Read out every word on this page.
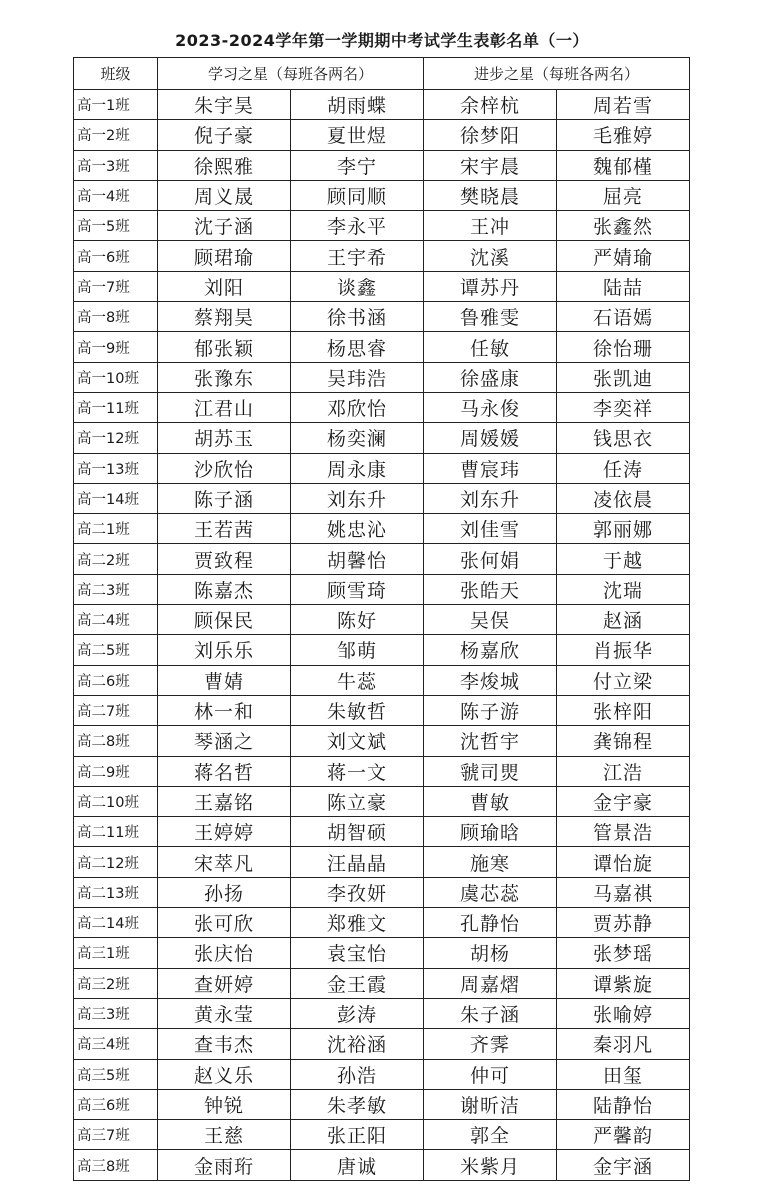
2023-2024学年第一学期期中考试学生表彰名单（一）
班级	学习之星（每班各两名）		进步之星（每班各两名）	
高一1班	朱宇昊	胡雨蝶	余梓杭	周若雪
高一2班	倪子豪	夏世煜	徐梦阳	毛雅婷
高一3班	徐熙雅	李宁	宋宇晨	魏郁槿
高一4班	周义晟	顾同顺	樊晓晨	屈亮
高一5班	沈子涵	李永平	王冲	张鑫然
高一6班	顾珺瑜	王宇希	沈溪	严婧瑜
高一7班	刘阳	谈鑫	谭苏丹	陆喆
高一8班	蔡翔昊	徐书涵	鲁雅雯	石语嫣
高一9班	郁张颖	杨思睿	任敏	徐怡珊
高一10班	张豫东	吴玮浩	徐盛康	张凯迪
高一11班	江君山	邓欣怡	马永俊	李奕祥
高一12班	胡苏玉	杨奕澜	周媛媛	钱思衣
高一13班	沙欣怡	周永康	曹宸玮	任涛
高一14班	陈子涵	刘东升	刘东升	凌依晨
高二1班	王若茜	姚忠沁	刘佳雪	郭丽娜
高二2班	贾致程	胡馨怡	张何娟	于越
高二3班	陈嘉杰	顾雪琦	张皓天	沈瑞
高二4班	顾保民	陈好	吴俣	赵涵
高二5班	刘乐乐	邹萌	杨嘉欣	肖振华
高二6班	曹婧	牛蕊	李焌城	付立梁
高二7班	林一和	朱敏哲	陈子游	张梓阳
高二8班	琴涵之	刘文斌	沈哲宇	龚锦程
高二9班	蒋名哲	蒋一文	虢司煛	江浩
高二10班	王嘉铭	陈立豪	曹敏	金宇豪
高二11班	王婷婷	胡智硕	顾瑜晗	管景浩
高二12班	宋萃凡	汪晶晶	施寒	谭怡旋
高二13班	孙扬	李孜妍	虞芯蕊	马嘉祺
高二14班	张可欣	郑雅文	孔静怡	贾苏静
高三1班	张庆怡	袁宝怡	胡杨	张梦瑶
高三2班	查妍婷	金王霞	周嘉熠	谭紫旋
高三3班	黄永莹	彭涛	朱子涵	张喻婷
高三4班	查韦杰	沈裕涵	齐霁	秦羽凡
高三5班	赵义乐	孙浩	仲可	田玺
高三6班	钟锐	朱孝敏	谢昕洁	陆静怡
高三7班	王慈	张正阳	郭全	严馨韵
高三8班	金雨珩	唐诚	米紫月	金宇涵
